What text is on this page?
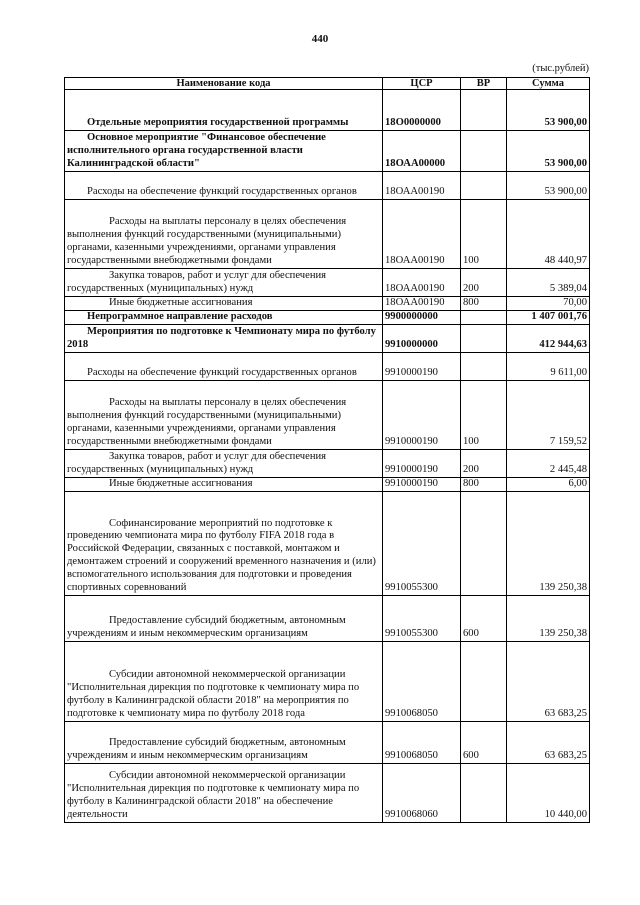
440
(тыс.рублей)
Наименование кода	ЦСР	ВР	Сумма
Отдельные мероприятия государственной программы	18О0000000		53 900,00
Основное мероприятие "Финансовое обеспечение исполнительного органа государственной власти Калининградской области"	18ОАА00000		53 900,00
Расходы на обеспечение функций государственных органов	18ОАА00190		53 900,00
Расходы на выплаты персоналу в целях обеспечения выполнения функций государственными (муниципальными) органами, казенными учреждениями, органами управления государственными внебюджетными фондами	18ОАА00190	100	48 440,97
Закупка товаров, работ и услуг для обеспечения государственных (муниципальных) нужд	18ОАА00190	200	5 389,04
Иные бюджетные ассигнования	18ОАА00190	800	70,00
Непрограммное направление расходов	9900000000		1 407 001,76
Мероприятия по подготовке к Чемпионату мира по футболу 2018	9910000000		412 944,63
Расходы на обеспечение функций государственных органов	9910000190		9 611,00
Расходы на выплаты персоналу в целях обеспечения выполнения функций государственными (муниципальными) органами, казенными учреждениями, органами управления государственными внебюджетными фондами	9910000190	100	7 159,52
Закупка товаров, работ и услуг для обеспечения государственных (муниципальных) нужд	9910000190	200	2 445,48
Иные бюджетные ассигнования	9910000190	800	6,00
Софинансирование мероприятий по подготовке к проведению чемпионата мира по футболу FIFA 2018 года в Российской Федерации, связанных с поставкой, монтажом и демонтажем строений и сооружений временного назначения и (или) вспомогательного использования для подготовки и проведения спортивных соревнований	9910055300		139 250,38
Предоставление субсидий бюджетным, автономным учреждениям и иным некоммерческим организациям	9910055300	600	139 250,38
Субсидии автономной некоммерческой организации "Исполнительная дирекция по подготовке к чемпионату мира по футболу в Калининградской области 2018" на мероприятия по подготовке к чемпионату мира по футболу 2018 года	9910068050		63 683,25
Предоставление субсидий бюджетным, автономным учреждениям и иным некоммерческим организациям	9910068050	600	63 683,25
Субсидии автономной некоммерческой организации "Исполнительная дирекция по подготовке к чемпионату мира по футболу в Калининградской области 2018" на обеспечение деятельности	9910068060		10 440,00
